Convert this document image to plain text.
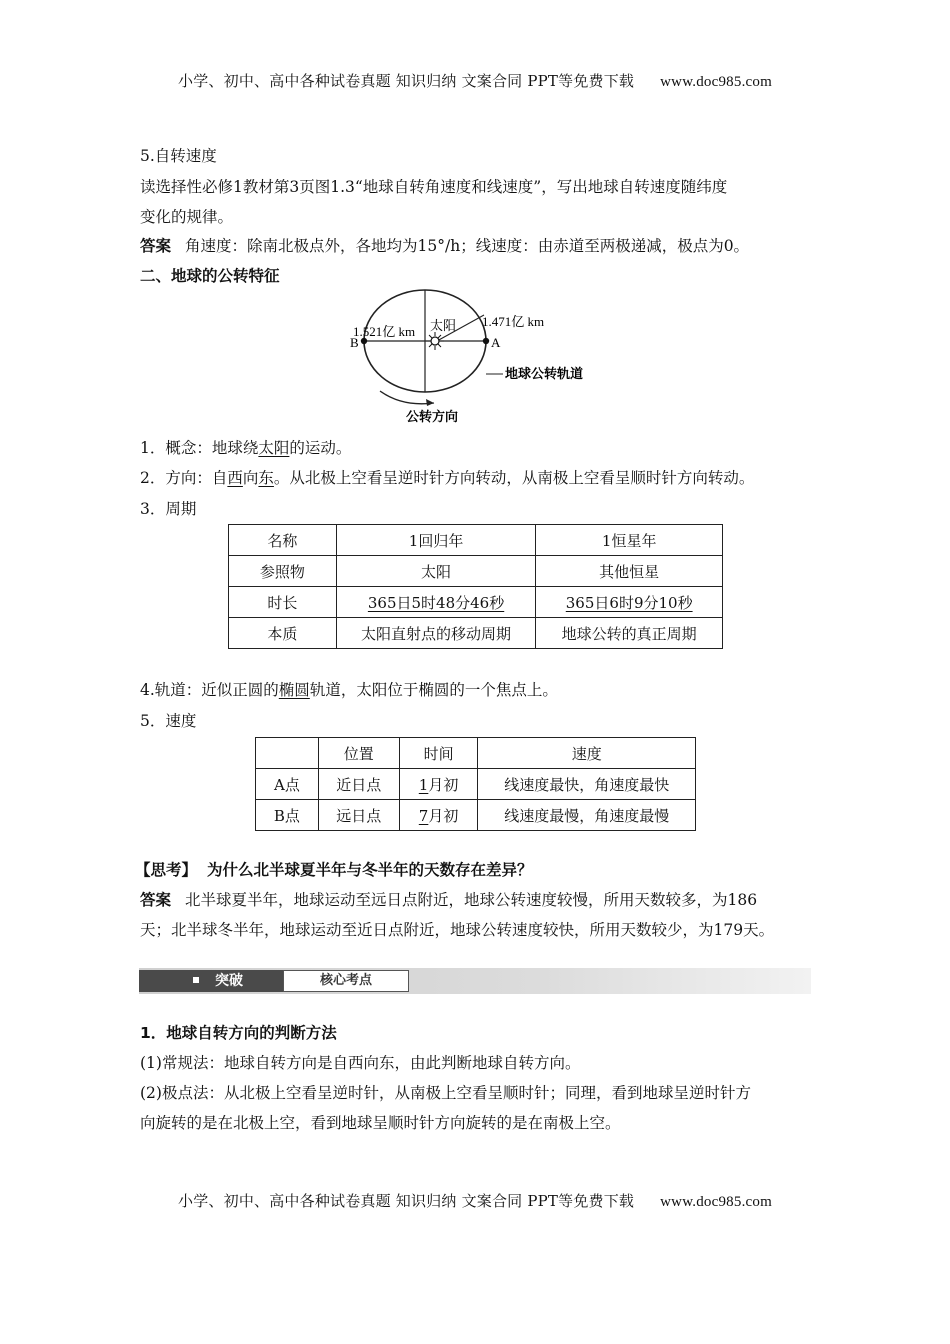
小学、初中、高中各种试卷真题 知识归纳 文案合同 PPT等免费下载 www.doc985.com
5.自转速度
读选择性必修1教材第3页图1.3“地球自转角速度和线速度”，写出地球自转速度随纬度
变化的规律。
答案 角速度：除南北极点外，各地均为15°/h；线速度：由赤道至两极递减，极点为0。
二、地球的公转特征
1.521亿 km
1.471亿 km
太阳
B	A
地球公转轨道
公转方向
1．概念：地球绕太阳的运动。
2．方向：自西向东。从北极上空看呈逆时针方向转动，从南极上空看呈顺时针方向转动。
3．周期
名称	1回归年	1恒星年
参照物	太阳	其他恒星
时长	365日5时48分46秒	365日6时9分10秒
本质	太阳直射点的移动周期	地球公转的真正周期
4.轨道：近似正圆的椭圆轨道，太阳位于椭圆的一个焦点上。
5．速度
	位置	时间	速度
A点	近日点	1月初	线速度最快，角速度最快
B点	远日点	7月初	线速度最慢，角速度最慢
【思考】 为什么北半球夏半年与冬半年的天数存在差异？
答案 北半球夏半年，地球运动至远日点附近，地球公转速度较慢，所用天数较多，为186
天；北半球冬半年，地球运动至近日点附近，地球公转速度较快，所用天数较少，为179天。
突破	核心考点
1．地球自转方向的判断方法
(1)常规法：地球自转方向是自西向东，由此判断地球自转方向。
(2)极点法：从北极上空看呈逆时针，从南极上空看呈顺时针；同理，看到地球呈逆时针方
向旋转的是在北极上空，看到地球呈顺时针方向旋转的是在南极上空。
小学、初中、高中各种试卷真题 知识归纳 文案合同 PPT等免费下载 www.doc985.com
